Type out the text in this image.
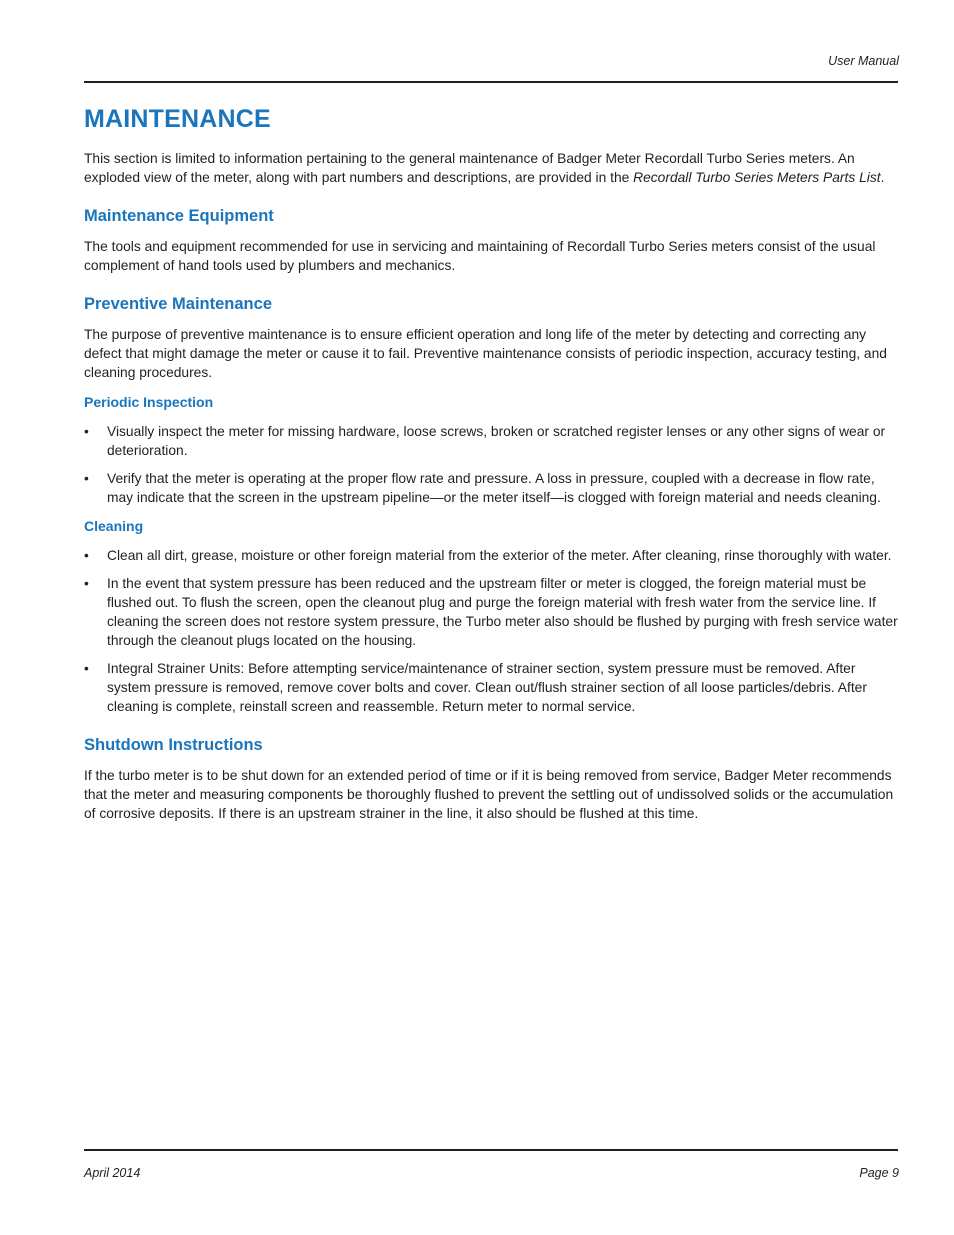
User Manual
MAINTENANCE

This section is limited to information pertaining to the general maintenance of Badger Meter Recordall Turbo Series meters. An exploded view of the meter, along with part numbers and descriptions, are provided in the Recordall Turbo Series Meters Parts List.

Maintenance Equipment

The tools and equipment recommended for use in servicing and maintaining of Recordall Turbo Series meters consist of the usual complement of hand tools used by plumbers and mechanics.

Preventive Maintenance

The purpose of preventive maintenance is to ensure efficient operation and long life of the meter by detecting and correcting any defect that might damage the meter or cause it to fail. Preventive maintenance consists of periodic inspection, accuracy testing, and cleaning procedures.

Periodic Inspection
• Visually inspect the meter for missing hardware, loose screws, broken or scratched register lenses or any other signs of wear or deterioration.
• Verify that the meter is operating at the proper flow rate and pressure. A loss in pressure, coupled with a decrease in flow rate, may indicate that the screen in the upstream pipeline—or the meter itself—is clogged with foreign material and needs cleaning.
Cleaning
• Clean all dirt, grease, moisture or other foreign material from the exterior of the meter. After cleaning, rinse thoroughly with water.
• In the event that system pressure has been reduced and the upstream filter or meter is clogged, the foreign material must be flushed out. To flush the screen, open the cleanout plug and purge the foreign material with fresh water from the service line. If cleaning the screen does not restore system pressure, the Turbo meter also should be flushed by purging with fresh service water through the cleanout plugs located on the housing.
• Integral Strainer Units: Before attempting service/maintenance of strainer section, system pressure must be removed. After system pressure is removed, remove cover bolts and cover. Clean out/flush strainer section of all loose particles/debris. After cleaning is complete, reinstall screen and reassemble. Return meter to normal service.
Shutdown Instructions

If the turbo meter is to be shut down for an extended period of time or if it is being removed from service, Badger Meter recommends that the meter and measuring components be thoroughly flushed to prevent the settling out of undissolved solids or the accumulation of corrosive deposits. If there is an upstream strainer in the line, it also should be flushed at this time.

April 2014	Page 9
